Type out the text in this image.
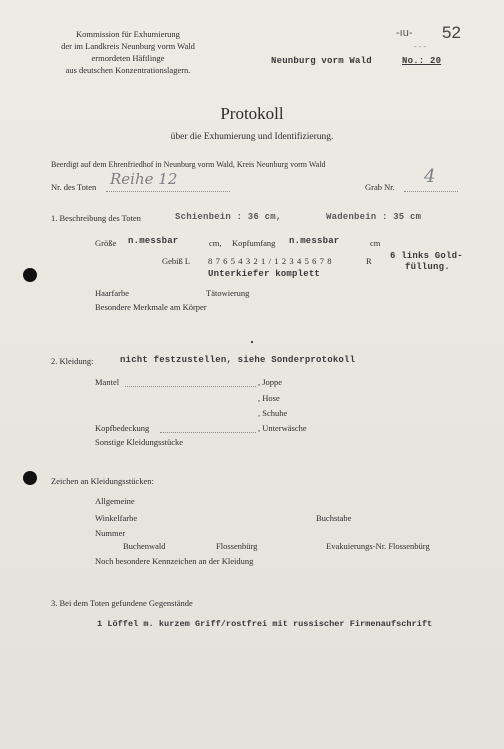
Kommission für Exhumierung
der im Landkreis Neunburg vorm Wald
ermordeten Häftlinge
aus deutschen Konzentrationslagern.
-ıu- 52
- - -
Neunburg vorm Wald	No.: 20
Protokoll
über die Exhumierung und Identifizierung.
Beerdigt auf dem Ehrenfriedhof in Neunburg vorm Wald, Kreis Neunburg vorm Wald
Nr. des Toten Reihe 12	Grab Nr. 4
1. Beschreibung des Toten	Schienbein : 36 cm,	Wadenbein : 35 cm
Größe n.messbar	cm, Kopfumfang n.messbar	cm
Gebiß L 8 7 6 5 4 3 2 1 / 1 2 3 4 5 6 7 8	R 6 links Gold-
füllung.
Unterkiefer komplett
Haarfarbe	Tätowierung
Besondere Merkmale am Körper
2. Kleidung:	nicht festzustellen, siehe Sonderprotokoll
Mantel	, Joppe
, Hose
, Schuhe
Kopfbedeckung	, Unterwäsche
Sonstige Kleidungsstücke
Zeichen an Kleidungsstücken:
Allgemeine
Winkelfarbe	Buchstabe
Nummer
Buchenwald	Flossenbürg	Evakuierungs-Nr. Flossenbürg
Noch besondere Kennzeichen an der Kleidung
3. Bei dem Toten gefundene Gegenstände
1 Löffel m. kurzem Griff/rostfrei mit russischer Firmenaufschrift
